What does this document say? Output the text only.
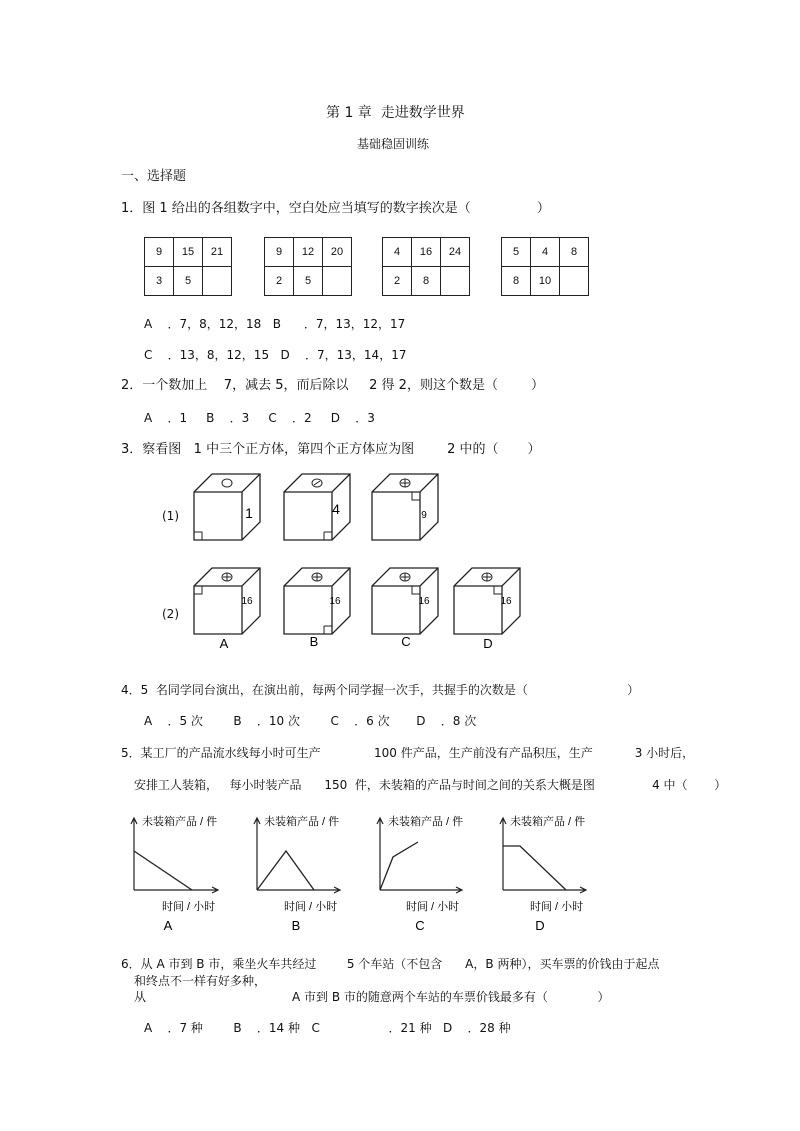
第 1 章  走进数学世界
基础稳固训练
一、选择题
1．图 1 给出的各组数字中，空白处应当填写的数字挨次是（                ）
9	15	21
3	5	
9	12	20
2	5	
4	16	24
2	8	
5	4	8
8	10	
A    ．7，8，12，18   B      ．7，13，12，17
C    ．13，8，12，15   D    ．7，13，14，17
2．一个数加上    7，减去 5，而后除以     2 得 2，则这个数是（        ）
A    ．1     B    ．3     C    ．2     D    ．3
3．察看图   1 中三个正方体，第四个正方体应为图        2 中的（       ）
(1)
(2)
1	4	9
16	16	16	16
A	B	C	D
4．5  名同学同台演出，在演出前，每两个同学握一次手，共握手的次数是（                          ）
A    ．5 次        B    ．10 次        C    ．6 次       D    ．8 次
5．某工厂的产品流水线每小时可生产              100 件产品，生产前没有产品积压，生产           3 小时后，
安排工人装箱，   每小时装产品      150  件，未装箱的产品与时间之间的关系大概是图               4 中（       ）
未装箱产品 / 件
时间 / 小时
A
未装箱产品 / 件
时间 / 小时
B
未装箱产品 / 件
时间 / 小时
C
未装箱产品 / 件
时间 / 小时
D
6．从 A 市到 B 市，乘坐火车共经过        5 个车站（不包含      A，B 两种），买车票的价钱由于起点
和终点不一样有好多种，
从	A 市到 B 市的随意两个车站的车票价钱最多有（             ）
A    ．7 种        B    ．14 种   C                  ．21 种   D    ．28 种
